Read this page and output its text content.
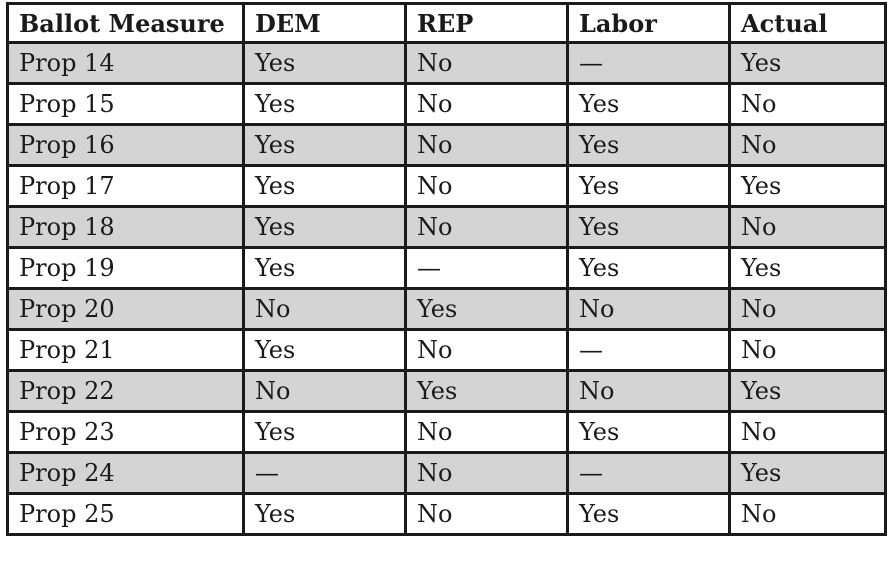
Ballot Measure	DEM	REP	Labor	Actual
Prop 14	Yes	No	—	Yes
Prop 15	Yes	No	Yes	No
Prop 16	Yes	No	Yes	No
Prop 17	Yes	No	Yes	Yes
Prop 18	Yes	No	Yes	No
Prop 19	Yes	—	Yes	Yes
Prop 20	No	Yes	No	No
Prop 21	Yes	No	—	No
Prop 22	No	Yes	No	Yes
Prop 23	Yes	No	Yes	No
Prop 24	—	No	—	Yes
Prop 25	Yes	No	Yes	No
